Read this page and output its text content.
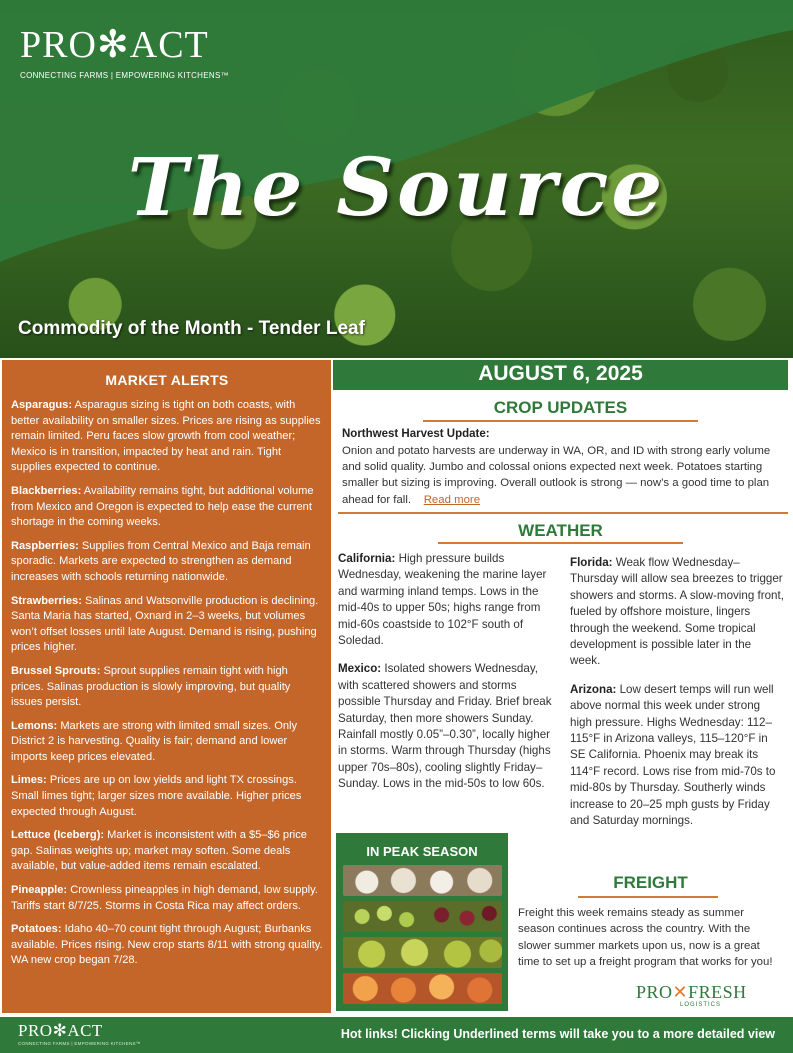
PRO✻ACT
CONNECTING FARMS | EMPOWERING KITCHENS™
The Source
Commodity of the Month - Tender Leaf
MARKET ALERTS
Asparagus: Asparagus sizing is tight on both coasts, with better availability on smaller sizes. Prices are rising as supplies remain limited. Peru faces slow growth from cool weather; Mexico is in transition, impacted by heat and rain. Tight supplies expected to continue.
Blackberries: Availability remains tight, but additional volume from Mexico and Oregon is expected to help ease the current shortage in the coming weeks.
Raspberries: Supplies from Central Mexico and Baja remain sporadic. Markets are expected to strengthen as demand increases with schools returning nationwide.
Strawberries: Salinas and Watsonville production is declining. Santa Maria has started, Oxnard in 2–3 weeks, but volumes won’t offset losses until late August. Demand is rising, pushing prices higher.
Brussel Sprouts: Sprout supplies remain tight with high prices. Salinas production is slowly improving, but quality issues persist.
Lemons: Markets are strong with limited small sizes. Only District 2 is harvesting. Quality is fair; demand and lower imports keep prices elevated.
Limes: Prices are up on low yields and light TX crossings. Small limes tight; larger sizes more available. Higher prices expected through August.
Lettuce (Iceberg): Market is inconsistent with a $5–$6 price gap. Salinas weights up; market may soften. Some deals available, but value-added items remain escalated.
Pineapple: Crownless pineapples in high demand, low supply. Tariffs start 8/7/25. Storms in Costa Rica may affect orders.
Potatoes: Idaho 40–70 count tight through August; Burbanks available. Prices rising. New crop starts 8/11 with strong quality. WA new crop began 7/28.
AUGUST 6, 2025
CROP UPDATES
Northwest Harvest Update:
Onion and potato harvests are underway in WA, OR, and ID with strong early volume and solid quality. Jumbo and colossal onions expected next week. Potatoes starting smaller but sizing is improving. Overall outlook is strong — now’s a good time to plan ahead for fall. Read more
WEATHER

California: High pressure builds Wednesday, weakening the marine layer and warming inland temps. Lows in the mid-40s to upper 50s; highs range from mid-60s coastside to 102°F south of Soledad.

Mexico: Isolated showers Wednesday, with scattered showers and storms possible Thursday and Friday. Brief break Saturday, then more showers Sunday. Rainfall mostly 0.05”–0.30”, locally higher in storms. Warm through Thursday (highs upper 70s–80s), cooling slightly Friday–Sunday. Lows in the mid-50s to low 60s.

Florida: Weak flow Wednesday–Thursday will allow sea breezes to trigger showers and storms. A slow-moving front, fueled by offshore moisture, lingers through the weekend. Some tropical development is possible later in the week.

Arizona: Low desert temps will run well above normal this week under strong high pressure. Highs Wednesday: 112–115°F in Arizona valleys, 115–120°F in SE California. Phoenix may break its 114°F record. Lows rise from mid-70s to mid-80s by Thursday. Southerly winds increase to 20–25 mph gusts by Friday and Saturday mornings.

IN PEAK SEASON
FREIGHT
Freight this week remains steady as summer season continues across the country. With the slower summer markets upon us, now is a great time to set up a freight program that works for you!
PRO✕FRESH
LOGISTICS
PRO✻ACT
CONNECTING FARMS | EMPOWERING KITCHENS™
Hot links! Clicking Underlined terms will take you to a more detailed view
